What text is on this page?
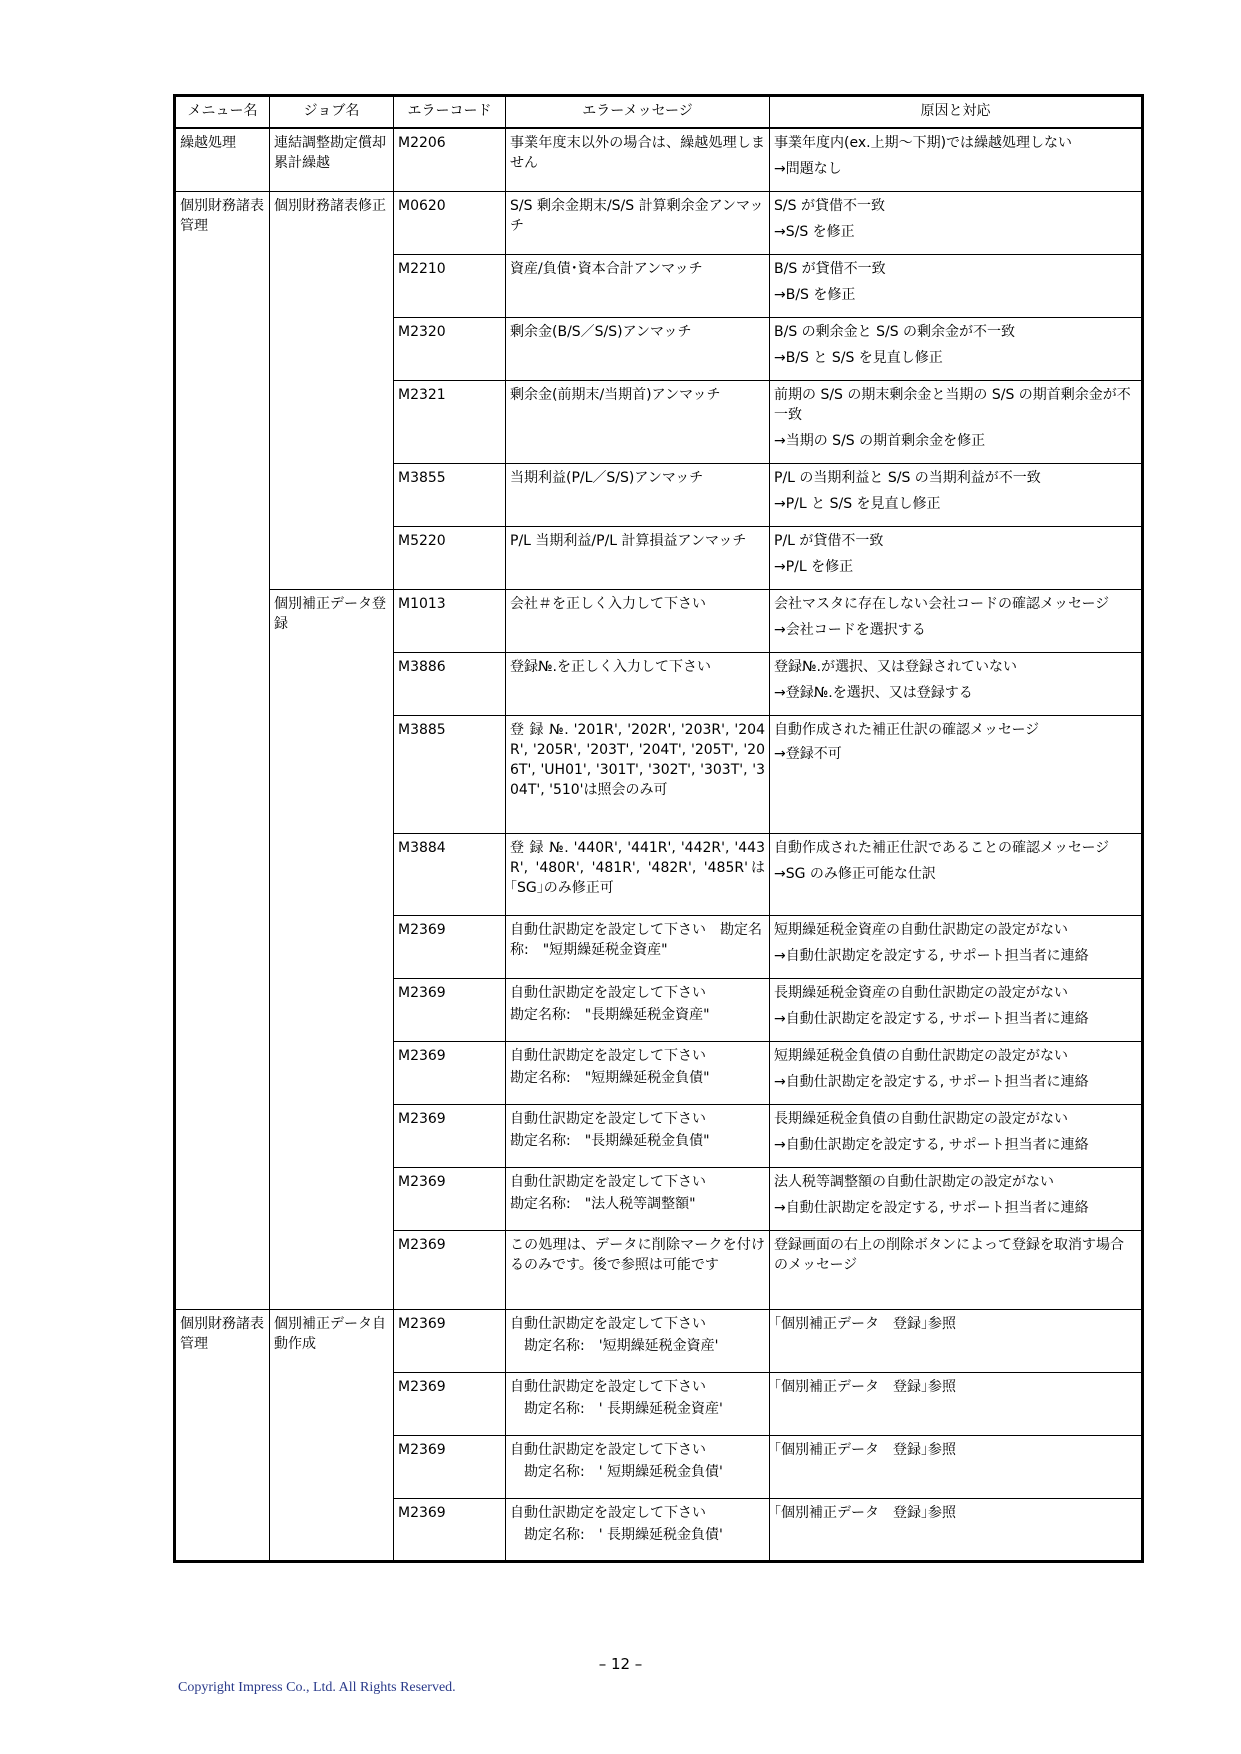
メニュー名	ジョブ名	エラーコード	エラーメッセージ	原因と対応
繰越処理	連結調整勘定償却累計繰越	M2206	事業年度末以外の場合は、繰越処理しません	事業年度内(ex.上期～下期)では繰越処理しない
→問題なし

個別財務諸表管理	個別財務諸表修正	M0620	S/S 剰余金期末/S/S 計算剰余金アンマッチ	S/S が貸借不一致
→S/S を修正

		M2210	資産/負債･資本合計アンマッチ	B/S が貸借不一致
→B/S を修正

		M2320	剰余金(B/S／S/S)アンマッチ	B/S の剰余金と S/S の剰余金が不一致
→B/S と S/S を見直し修正

		M2321	剰余金(前期末/当期首)アンマッチ	前期の S/S の期末剰余金と当期の S/S の期首剰余金が不一致
→当期の S/S の期首剰余金を修正

		M3855	当期利益(P/L／S/S)アンマッチ	P/L の当期利益と S/S の当期利益が不一致
→P/L と S/S を見直し修正

		M5220	P/L 当期利益/P/L 計算損益アンマッチ	P/L が貸借不一致
→P/L を修正

	個別補正データ登録	M1013	会社＃を正しく入力して下さい	会社マスタに存在しない会社コードの確認メッセージ
→会社コードを選択する

		M3886	登録№.を正しく入力して下さい	登録№.が選択、又は登録されていない
→登録№.を選択、又は登録する

		M3885	登 録 №. '201R', '202R', '203R', '204R', '205R', '203T', '204T', '205T', '206T', 'UH01', '301T', '302T', '303T', '304T', '510'は照会のみ可	自動作成された補正仕訳の確認メッセージ
→登録不可

		M3884	登 録 №. '440R', '441R', '442R', '443R', '480R', '481R', '482R', '485R'は｢SG｣のみ修正可	自動作成された補正仕訳であることの確認メッセージ
→SG のみ修正可能な仕訳

		M2369	自動仕訳勘定を設定して下さい　勘定名称:　"短期繰延税金資産"	短期繰延税金資産の自動仕訳勘定の設定がない
→自動仕訳勘定を設定する, サポート担当者に連絡

		M2369	自動仕訳勘定を設定して下さい
勘定名称:　"長期繰延税金資産"	長期繰延税金資産の自動仕訳勘定の設定がない
→自動仕訳勘定を設定する, サポート担当者に連絡

		M2369	自動仕訳勘定を設定して下さい
勘定名称:　"短期繰延税金負債"	短期繰延税金負債の自動仕訳勘定の設定がない
→自動仕訳勘定を設定する, サポート担当者に連絡

		M2369	自動仕訳勘定を設定して下さい
勘定名称:　"長期繰延税金負債"	長期繰延税金負債の自動仕訳勘定の設定がない
→自動仕訳勘定を設定する, サポート担当者に連絡

		M2369	自動仕訳勘定を設定して下さい
勘定名称:　"法人税等調整額"	法人税等調整額の自動仕訳勘定の設定がない
→自動仕訳勘定を設定する, サポート担当者に連絡

		M2369	この処理は、データに削除マークを付けるのみです。後で参照は可能です	登録画面の右上の削除ボタンによって登録を取消す場合のメッセージ

個別財務諸表管理	個別補正データ自動作成	M2369	自動仕訳勘定を設定して下さい
　勘定名称:　'短期繰延税金資産'	｢個別補正データ　登録｣参照

		M2369	自動仕訳勘定を設定して下さい
　勘定名称:　' 長期繰延税金資産'	｢個別補正データ　登録｣参照

		M2369	自動仕訳勘定を設定して下さい
　勘定名称:　' 短期繰延税金負債'	｢個別補正データ　登録｣参照

		M2369	自動仕訳勘定を設定して下さい
　勘定名称:　' 長期繰延税金負債'	｢個別補正データ　登録｣参照
– 12 –
Copyright Impress Co., Ltd. All Rights Reserved.
